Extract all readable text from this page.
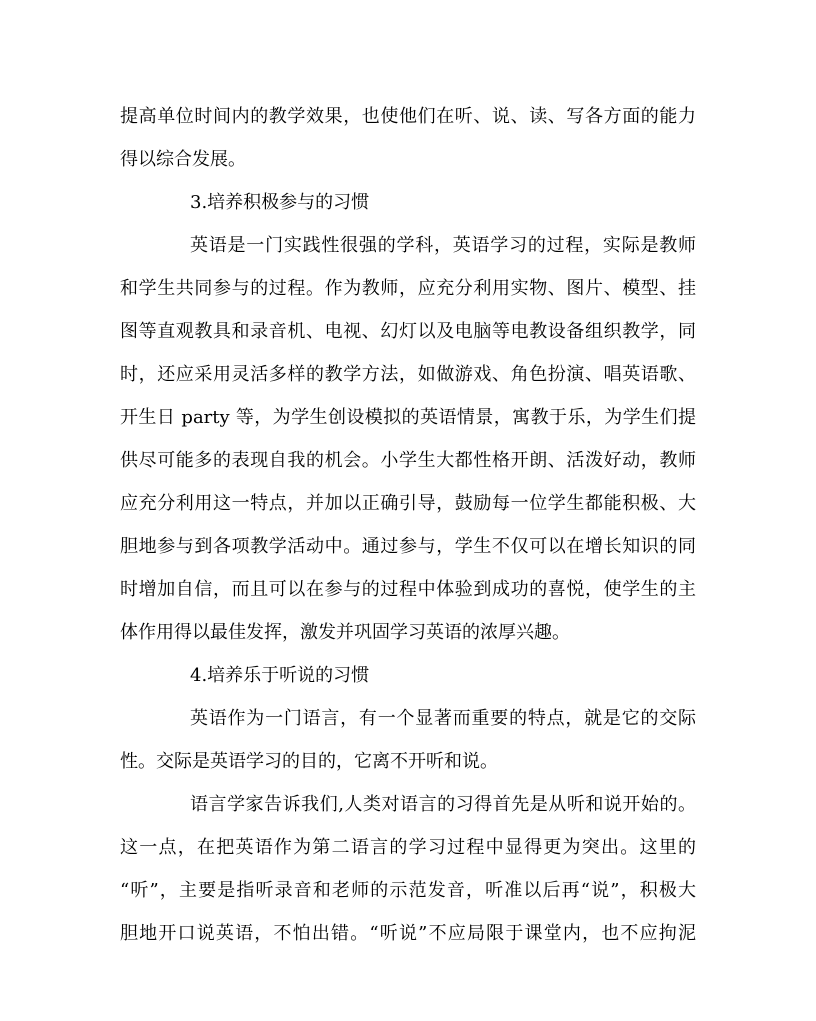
提高单位时间内的教学效果，也使他们在听、说、读、写各方面的能力
得以综合发展。
3.培养积极参与的习惯
英语是一门实践性很强的学科，英语学习的过程，实际是教师
和学生共同参与的过程。作为教师，应充分利用实物、图片、模型、挂
图等直观教具和录音机、电视、幻灯以及电脑等电教设备组织教学，同
时，还应采用灵活多样的教学方法，如做游戏、角色扮演、唱英语歌、
开生日 party 等，为学生创设模拟的英语情景，寓教于乐，为学生们提
供尽可能多的表现自我的机会。小学生大都性格开朗、活泼好动，教师
应充分利用这一特点，并加以正确引导，鼓励每一位学生都能积极、大
胆地参与到各项教学活动中。通过参与，学生不仅可以在增长知识的同
时增加自信，而且可以在参与的过程中体验到成功的喜悦，使学生的主
体作用得以最佳发挥，激发并巩固学习英语的浓厚兴趣。
4.培养乐于听说的习惯
英语作为一门语言，有一个显著而重要的特点，就是它的交际
性。交际是英语学习的目的，它离不开听和说。
语言学家告诉我们,人类对语言的习得首先是从听和说开始的。
这一点，在把英语作为第二语言的学习过程中显得更为突出。这里的
“听”，主要是指听录音和老师的示范发音，听准以后再“说”，积极大
胆地开口说英语，不怕出错。“听说”不应局限于课堂内，也不应拘泥
